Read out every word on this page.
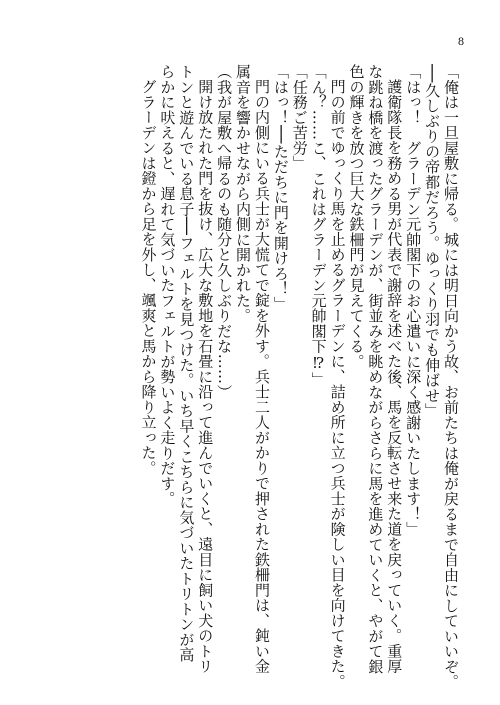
8
「俺は一旦屋敷に帰る。城には明日向かう故、お前たちは俺が戻るまで自由にしていいぞ。
──久しぶりの帝都だろう。ゆっくり羽でも伸ばせ」
「はっ！　グラーデン元帥閣下のお心遣いに深く感謝いたします！」
護衛隊長を務める男が代表で謝辞を述べた後、馬を反転させ来た道を戻っていく。重厚
な跳ね橋を渡ったグラーデンが、街並みを眺めながらさらに馬を進めていくと、やがて銀
色の輝きを放つ巨大な鉄柵門が見えてくる。
門の前でゆっくり馬を止めるグラーデンに、詰め所に立つ兵士が険しい目を向けてきた。
「ん？……こ、これはグラーデン元帥閣下⁉」
「任務ご苦労」
「はっ！──ただちに門を開けろ！」
門の内側にいる兵士が大慌てで錠を外す。兵士二人がかりで押された鉄柵門は、鈍い金
属音を響かせながら内側に開かれた。
（我が屋敷へ帰るのも随分と久しぶりだな……）
開け放たれた門を抜け、広大な敷地を石畳に沿って進んでいくと、遠目に飼い犬のトリ
トンと遊んでいる息子──フェルトを見つけた。いち早くこちらに気づいたトリトンが高
らかに吠えると、遅れて気づいたフェルトが勢いよく走りだす。
グラーデンは鐙から足を外し、颯爽と馬から降り立った。
